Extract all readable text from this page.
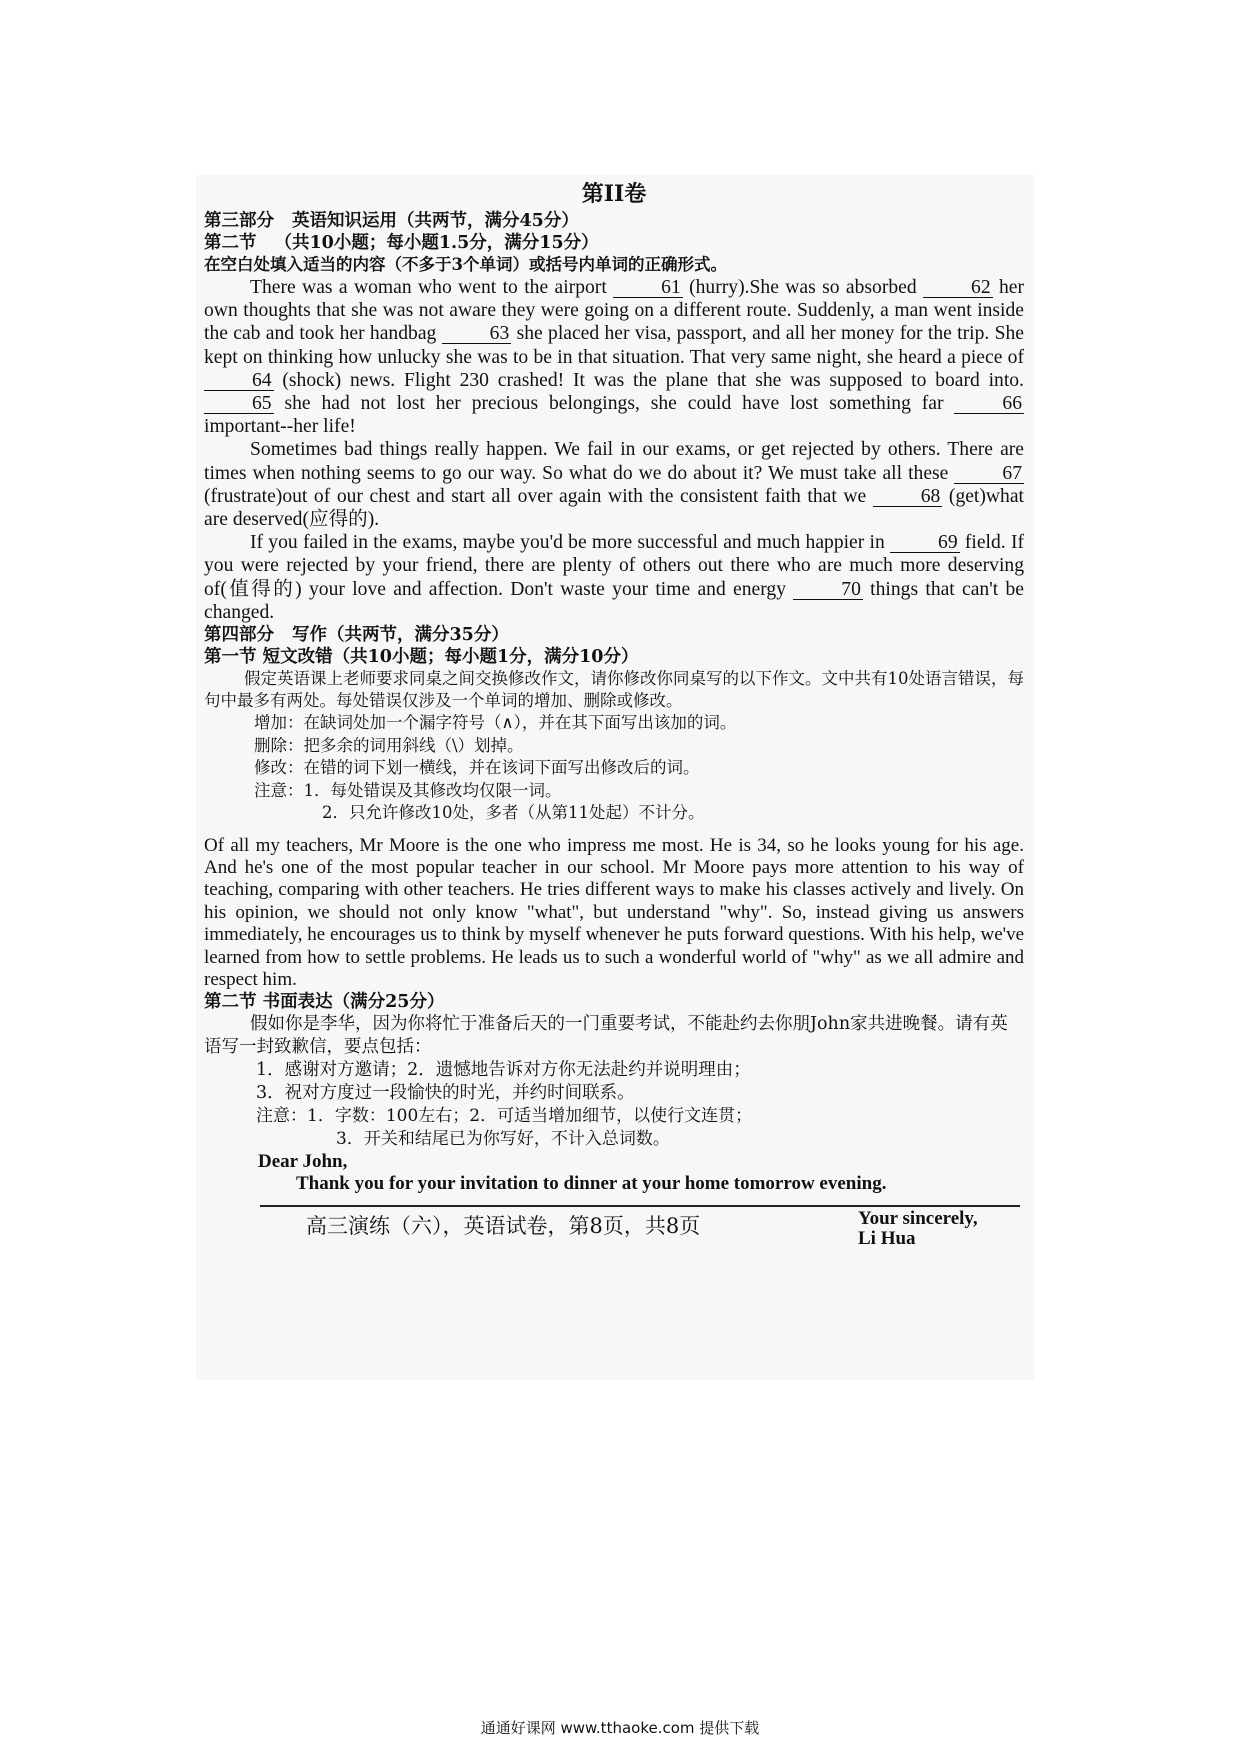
第II卷
第三部分 英语知识运用（共两节，满分45分）
第二节 （共10小题；每小题1.5分，满分15分）
在空白处填入适当的内容（不多于3个单词）或括号内单词的正确形式。

There was a woman who went to the airport 61 (hurry).She was so absorbed 62 her own thoughts that she was not aware they were going on a different route. Suddenly, a man went inside the cab and took her handbag 63 she placed her visa, passport, and all her money for the trip. She kept on thinking how unlucky she was to be in that situation. That very same night, she heard a piece of 64 (shock) news. Flight 230 crashed! It was the plane that she was supposed to board into. 65 she had not lost her precious belongings, she could have lost something far 66 important--her life!

Sometimes bad things really happen. We fail in our exams, or get rejected by others. There are times when nothing seems to go our way. So what do we do about it? We must take all these 67 (frustrate)out of our chest and start all over again with the consistent faith that we 68 (get)what are deserved(应得的).

If you failed in the exams, maybe you'd be more successful and much happier in 69 field. If you were rejected by your friend, there are plenty of others out there who are much more deserving of(值得的) your love and affection. Don't waste your time and energy 70 things that can't be changed.

第四部分 写作（共两节，满分35分）
第一节 短文改错（共10小题；每小题1分，满分10分）

假定英语课上老师要求同桌之间交换修改作文，请你修改你同桌写的以下作文。文中共有10处语言错误，每句中最多有两处。每处错误仅涉及一个单词的增加、删除或修改。

增加：在缺词处加一个漏字符号（∧），并在其下面写出该加的词。

删除：把多余的词用斜线（\）划掉。

修改：在错的词下划一横线，并在该词下面写出修改后的词。

注意：1．每处错误及其修改均仅限一词。

2．只允许修改10处，多者（从第11处起）不计分。

Of all my teachers, Mr Moore is the one who impress me most. He is 34, so he looks young for his age. And he's one of the most popular teacher in our school. Mr Moore pays more attention to his way of teaching, comparing with other teachers. He tries different ways to make his classes actively and lively. On his opinion, we should not only know "what", but understand "why". So, instead giving us answers immediately, he encourages us to think by myself whenever he puts forward questions. With his help, we've learned from how to settle problems. He leads us to such a wonderful world of "why" as we all admire and respect him.

第二节 书面表达（满分25分）

假如你是李华，因为你将忙于准备后天的一门重要考试，不能赴约去你朋John家共进晚餐。请有英语写一封致歉信，要点包括：

1．感谢对方邀请；2．遗憾地告诉对方你无法赴约并说明理由；

3．祝对方度过一段愉快的时光，并约时间联系。

注意：1．字数：100左右；2．可适当增加细节，以使行文连贯；

3．开关和结尾已为你写好，不计入总词数。

Dear John,

Thank you for your invitation to dinner at your home tomorrow evening.

高三演练（六），英语试卷，第8页，共8页	Your sincerely,
Li Hua
通通好课网 www.tthaoke.com 提供下载
